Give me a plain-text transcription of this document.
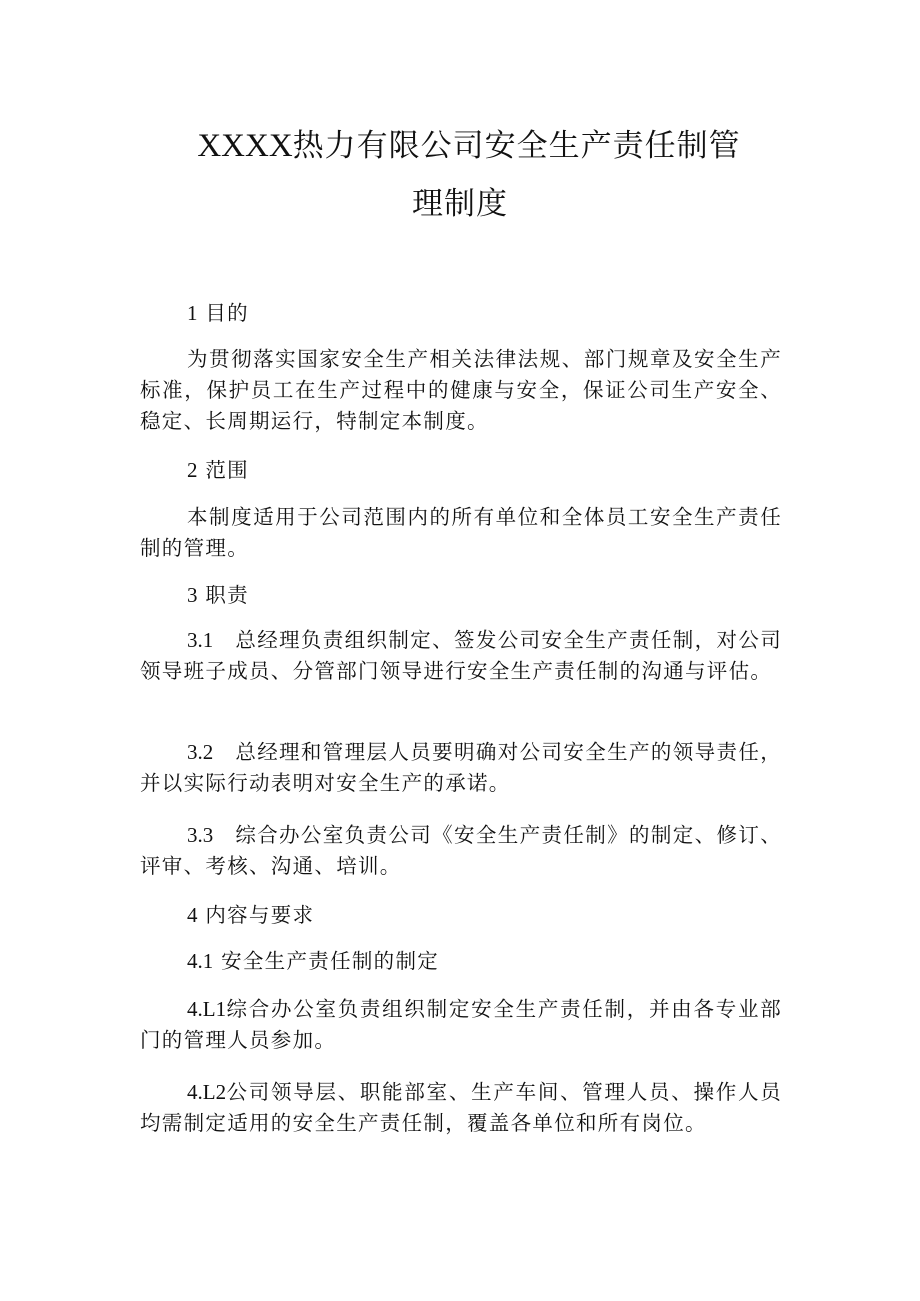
XXXX热力有限公司安全生产责任制管
理制度
1 目的
为贯彻落实国家安全生产相关法律法规、部门规章及安全生产标准，保护员工在生产过程中的健康与安全，保证公司生产安全、稳定、长周期运行，特制定本制度。
2 范围
本制度适用于公司范围内的所有单位和全体员工安全生产责任制的管理。
3 职责
3.1 总经理负责组织制定、签发公司安全生产责任制，对公司领导班子成员、分管部门领导进行安全生产责任制的沟通与评估。
3.2 总经理和管理层人员要明确对公司安全生产的领导责任，并以实际行动表明对安全生产的承诺。
3.3 综合办公室负责公司《安全生产责任制》的制定、修订、评审、考核、沟通、培训。
4 内容与要求
4.1 安全生产责任制的制定
4.L1综合办公室负责组织制定安全生产责任制，并由各专业部门的管理人员参加。
4.L2公司领导层、职能部室、生产车间、管理人员、操作人员均需制定适用的安全生产责任制，覆盖各单位和所有岗位。
